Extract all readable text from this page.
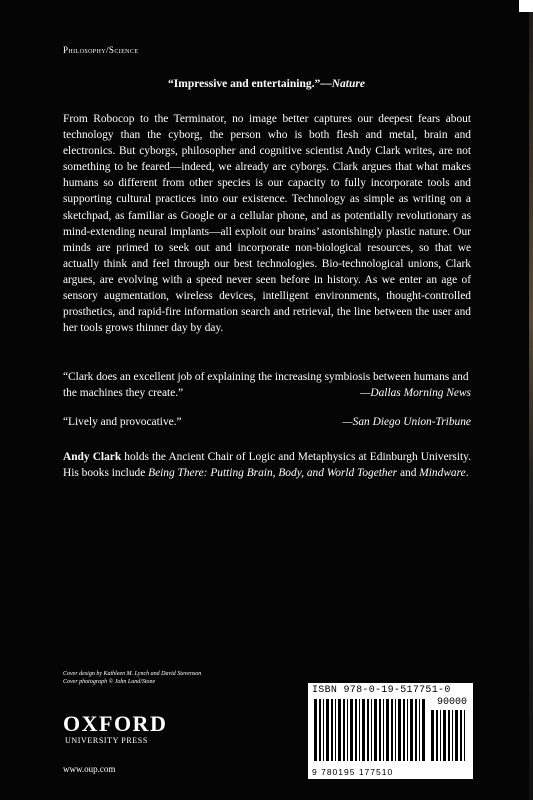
Philosophy/Science
“Impressive and entertaining.”—Nature

From Robocop to the Terminator, no image better captures our deepest fears about technology than the cyborg, the person who is both flesh and metal, brain and electronics. But cyborgs, philosopher and cognitive scientist Andy Clark writes, are not something to be feared—indeed, we already are cyborgs. Clark argues that what makes humans so different from other species is our capacity to fully incorporate tools and supporting cultural practices into our existence. Technology as simple as writing on a sketchpad, as familiar as Google or a cellular phone, and as potentially revolutionary as mind-extending neural implants—all exploit our brains’ astonishingly plastic nature. Our minds are primed to seek out and incorporate non-biological resources, so that we actually think and feel through our best technologies. Bio-technological unions, Clark argues, are evolving with a speed never seen before in history. As we enter an age of sensory augmentation, wireless devices, intelligent environments, thought-controlled prosthetics, and rapid-fire information search and retrieval, the line between the user and her tools grows thinner day by day.

“Clark does an excellent job of explaining the increasing symbiosis between humans and the machines they create.”	—Dallas Morning News
“Lively and provocative.”	—San Diego Union-Tribune

Andy Clark holds the Ancient Chair of Logic and Metaphysics at Edinburgh University. His books include Being There: Putting Brain, Body, and World Together and Mindware.

Cover design by Kathleen M. Lynch and David Stevenson
Cover photograph © John Lund/Stone
OXFORD
UNIVERSITY PRESS
www.oup.com
ISBN 978-0-19-517751-0
90000
9 780195 177510
